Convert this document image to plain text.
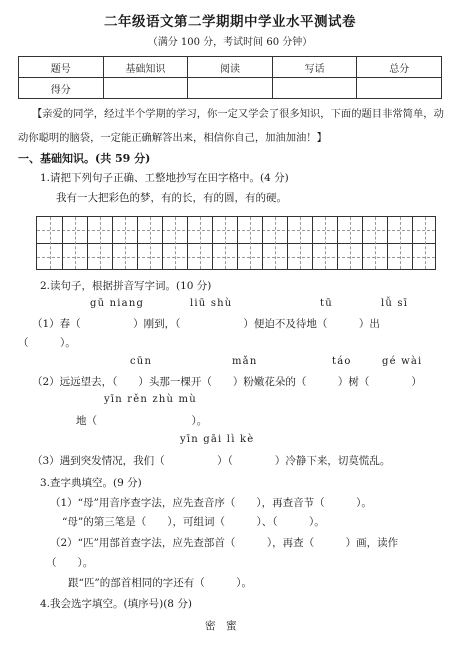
二年级语文第二学期期中学业水平测试卷
（满分 100 分，考试时间 60 分钟）
题号	基础知识	阅读	写话	总分
得分				
【亲爱的同学，经过半个学期的学习，你一定又学会了很多知识，下面的题目非常简单，动动你聪明的脑袋，一定能正确解答出来，相信你自己，加油加油！】
一、基础知识。(共 59 分)
1.请把下列句子正确、工整地抄写在田字格中。(4 分)
我有一大把彩色的梦，有的长，有的圆，有的硬。
2.读句子，根据拼音写字词。(10 分)
gū niang	liū shù	tū	lǚ sī
（1）春（　　　　　）刚到，（　　　　　　）便迫不及待地（　　　）出
（　　　）。
cūn	mǎn	táo	gé wài
（2）远远望去，（　　）头那一棵开（　　）粉嫩花朵的（　　　）树（　　　　）
yīn rěn zhù mù
地（　　　　　　　　　）。
yīn gāi lì kè
（3）遇到突发情况，我们（　　　　　）（　　　　）冷静下来，切莫慌乱。
3.查字典填空。(9 分)
（1）“母”用音序查字法，应先查音序（　　），再查音节（　　　）。
“母”的第三笔是（　　），可组词（　　　）、（　　　）。
（2）“匹”用部首查字法，应先查部首（　　　），再查（　　　）画，读作
（　　）。
跟“匹”的部首相同的字还有（　　　）。
4.我会选字填空。(填序号)(8 分)
密　蜜
